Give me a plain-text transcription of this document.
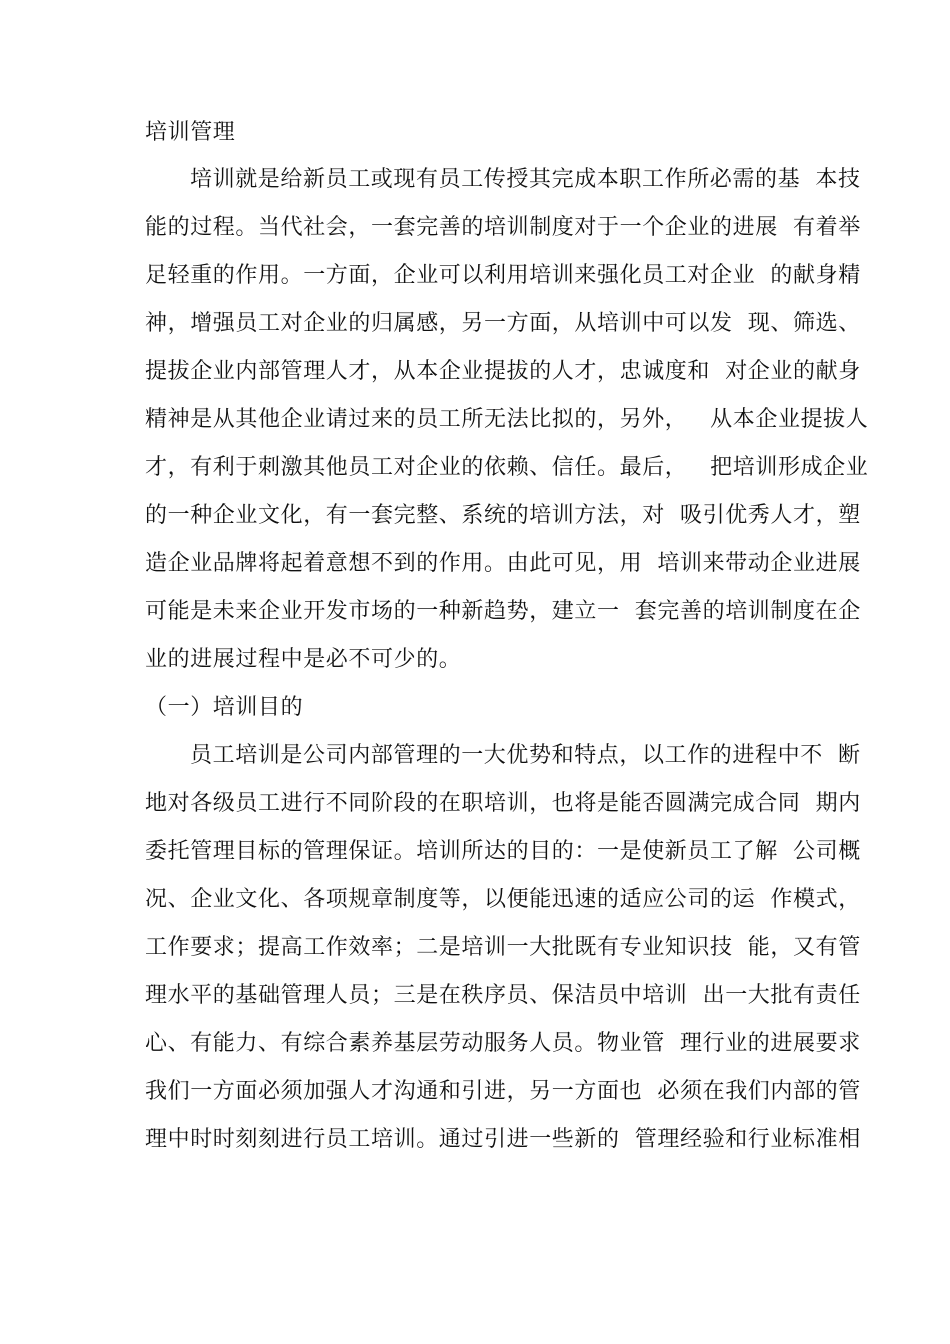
培训管理
培训就是给新员工或现有员工传授其完成本职工作所必需的基  本技
能的过程。当代社会，一套完善的培训制度对于一个企业的进展  有着举
足轻重的作用。一方面，企业可以利用培训来强化员工对企业  的献身精
神，增强员工对企业的归属感，另一方面，从培训中可以发  现、筛选、
提拔企业内部管理人才，从本企业提拔的人才，忠诚度和  对企业的献身
精神是从其他企业请过来的员工所无法比拟的，另外，   从本企业提拔人
才，有利于刺激其他员工对企业的依赖、信任。最后，   把培训形成企业
的一种企业文化，有一套完整、系统的培训方法，对  吸引优秀人才，塑
造企业品牌将起着意想不到的作用。由此可见，用  培训来带动企业进展
可能是未来企业开发市场的一种新趋势，建立一  套完善的培训制度在企
业的进展过程中是必不可少的。
（一）培训目的
员工培训是公司内部管理的一大优势和特点，以工作的进程中不  断
地对各级员工进行不同阶段的在职培训，也将是能否圆满完成合同  期内
委托管理目标的管理保证。培训所达的目的：一是使新员工了解  公司概
况、企业文化、各项规章制度等，以便能迅速的适应公司的运  作模式，
工作要求；提高工作效率；二是培训一大批既有专业知识技  能，又有管
理水平的基础管理人员；三是在秩序员、保洁员中培训  出一大批有责任
心、有能力、有综合素养基层劳动服务人员。物业管  理行业的进展要求
我们一方面必须加强人才沟通和引进，另一方面也  必须在我们内部的管
理中时时刻刻进行员工培训。通过引进一些新的  管理经验和行业标准相
